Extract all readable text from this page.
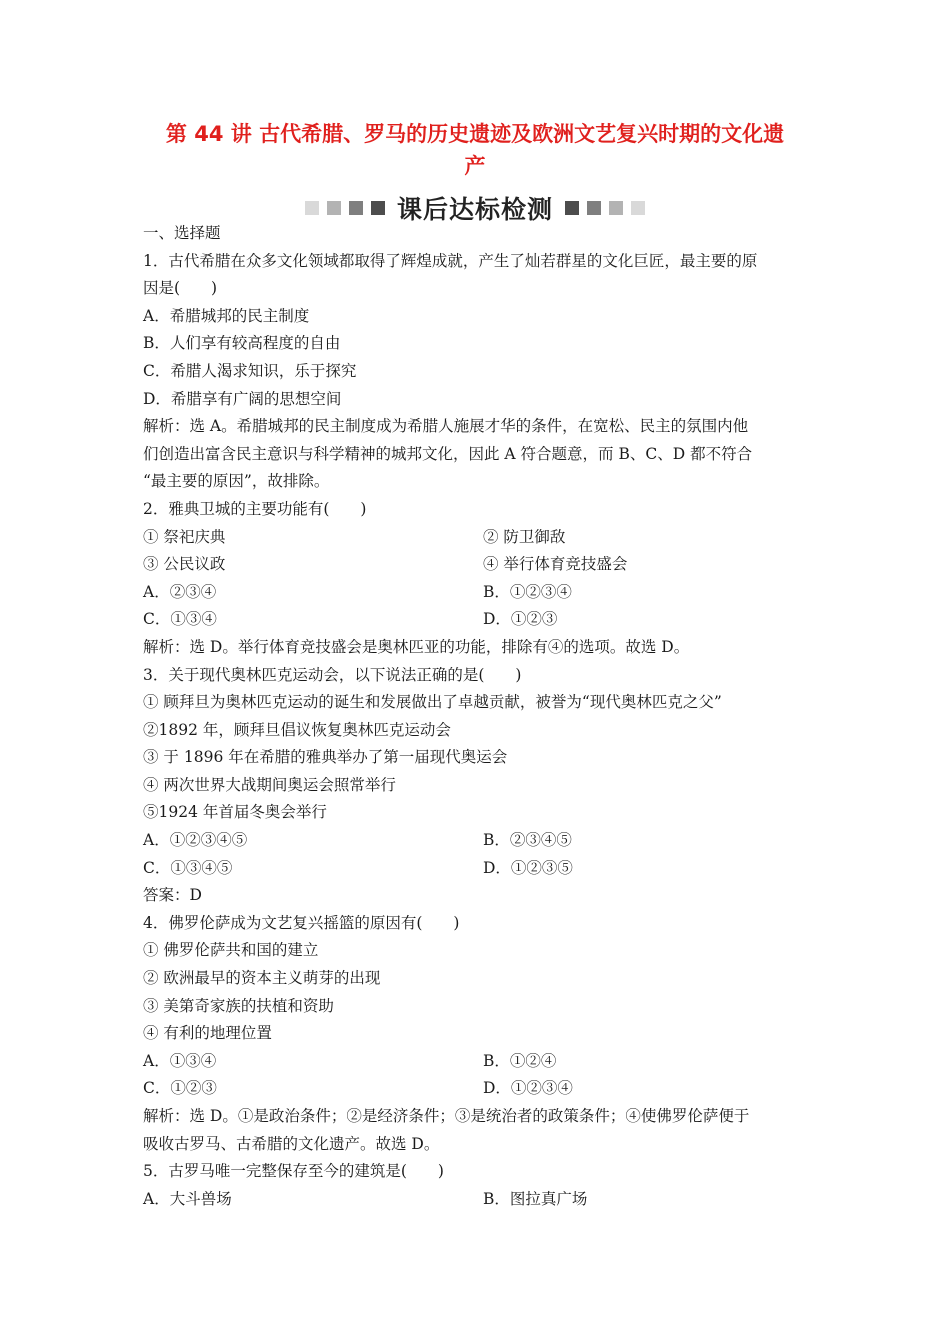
第 44 讲 古代希腊、罗马的历史遗迹及欧洲文艺复兴时期的文化遗
产
课后达标检测
一、选择题
1．古代希腊在众多文化领域都取得了辉煌成就，产生了灿若群星的文化巨匠，最主要的原
因是(　　)
A．希腊城邦的民主制度
B．人们享有较高程度的自由
C．希腊人渴求知识，乐于探究
D．希腊享有广阔的思想空间
解析：选 A。希腊城邦的民主制度成为希腊人施展才华的条件，在宽松、民主的氛围内他
们创造出富含民主意识与科学精神的城邦文化，因此 A 符合题意，而 B、C、D 都不符合
“最主要的原因”，故排除。
2．雅典卫城的主要功能有(　　)
① 祭祀庆典	② 防卫御敌
③ 公民议政	④ 举行体育竞技盛会
A．②③④	B．①②③④
C．①③④	D．①②③
解析：选 D。举行体育竞技盛会是奥林匹亚的功能，排除有④的选项。故选 D。
3．关于现代奥林匹克运动会，以下说法正确的是(　　)
① 顾拜旦为奥林匹克运动的诞生和发展做出了卓越贡献，被誉为“现代奥林匹克之父”
②1892 年，顾拜旦倡议恢复奥林匹克运动会
③ 于 1896 年在希腊的雅典举办了第一届现代奥运会
④ 两次世界大战期间奥运会照常举行
⑤1924 年首届冬奥会举行
A．①②③④⑤	B．②③④⑤
C．①③④⑤	D．①②③⑤
答案：D
4．佛罗伦萨成为文艺复兴摇篮的原因有(　　)
① 佛罗伦萨共和国的建立
② 欧洲最早的资本主义萌芽的出现
③ 美第奇家族的扶植和资助
④ 有利的地理位置
A．①③④	B．①②④
C．①②③	D．①②③④
解析：选 D。①是政治条件；②是经济条件；③是统治者的政策条件；④使佛罗伦萨便于
吸收古罗马、古希腊的文化遗产。故选 D。
5．古罗马唯一完整保存至今的建筑是(　　)
A．大斗兽场	B．图拉真广场
